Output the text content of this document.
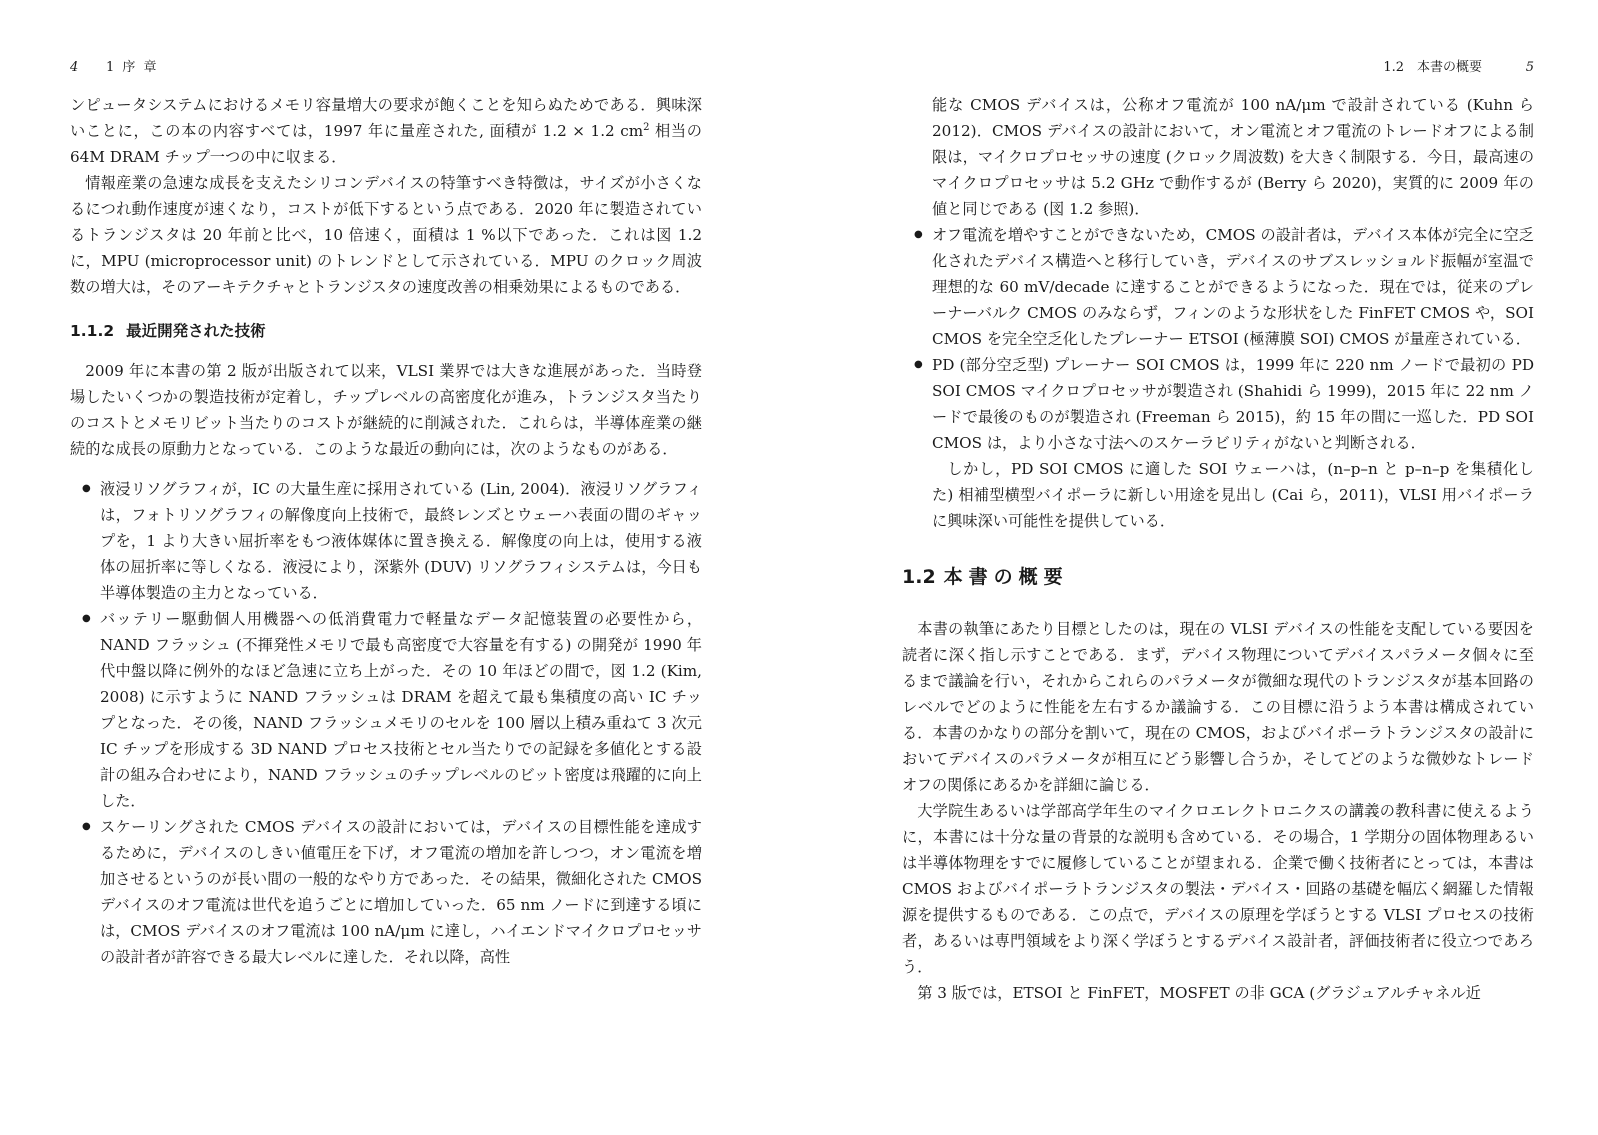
4 1 序 章

ンピュータシステムにおけるメモリ容量増大の要求が飽くことを知らぬためである．興味深いことに，この本の内容すべては，1997 年に量産された, 面積が 1.2 × 1.2 $cm^2$ 相当の 64M DRAM チップ一つの中に収まる．

情報産業の急速な成長を支えたシリコンデバイスの特筆すべき特徴は，サイズが小さくなるにつれ動作速度が速くなり，コストが低下するという点である．2020 年に製造されているトランジスタは 20 年前と比べ，10 倍速く，面積は 1 %以下であった．これは図 1.2 に，MPU (microprocessor unit) のトレンドとして示されている．MPU のクロック周波数の増大は，そのアーキテクチャとトランジスタの速度改善の相乗効果によるものである．

1.1.2 最近開発された技術

2009 年に本書の第 2 版が出版されて以来，VLSI 業界では大きな進展があった．当時登場したいくつかの製造技術が定着し，チップレベルの高密度化が進み，トランジスタ当たりのコストとメモリビット当たりのコストが継続的に削減された．これらは，半導体産業の継続的な成長の原動力となっている．このような最近の動向には，次のようなものがある．

● 液浸リソグラフィが，IC の大量生産に採用されている (Lin, 2004)．液浸リソグラフィは，フォトリソグラフィの解像度向上技術で，最終レンズとウェーハ表面の間のギャップを，1 より大きい屈折率をもつ液体媒体に置き換える．解像度の向上は，使用する液体の屈折率に等しくなる．液浸により，深紫外 (DUV) リソグラフィシステムは，今日も半導体製造の主力となっている．
● バッテリー駆動個人用機器への低消費電力で軽量なデータ記憶装置の必要性から，NAND フラッシュ (不揮発性メモリで最も高密度で大容量を有する) の開発が 1990 年代中盤以降に例外的なほど急速に立ち上がった．その 10 年ほどの間で，図 1.2 (Kim, 2008) に示すように NAND フラッシュは DRAM を超えて最も集積度の高い IC チップとなった．その後，NAND フラッシュメモリのセルを 100 層以上積み重ねて 3 次元 IC チップを形成する 3D NAND プロセス技術とセル当たりでの記録を多値化とする設計の組み合わせにより，NAND フラッシュのチップレベルのビット密度は飛躍的に向上した．
● スケーリングされた CMOS デバイスの設計においては，デバイスの目標性能を達成するために，デバイスのしきい値電圧を下げ，オフ電流の増加を許しつつ，オン電流を増加させるというのが長い間の一般的なやり方であった．その結果，微細化された CMOS デバイスのオフ電流は世代を追うごとに増加していった．65 nm ノードに到達する頃には，CMOS デバイスのオフ電流は 100 nA/μm に達し，ハイエンドマイクロプロセッサの設計者が許容できる最大レベルに達した．それ以降，高性
1.2　本書の概要	5

能な CMOS デバイスは，公称オフ電流が 100 nA/μm で設計されている (Kuhn ら 2012)．CMOS デバイスの設計において，オン電流とオフ電流のトレードオフによる制限は，マイクロプロセッサの速度 (クロック周波数) を大きく制限する．今日，最高速のマイクロプロセッサは 5.2 GHz で動作するが (Berry ら 2020)，実質的に 2009 年の値と同じである (図 1.2 参照)．

● オフ電流を増やすことができないため，CMOS の設計者は，デバイス本体が完全に空乏化されたデバイス構造へと移行していき，デバイスのサブスレッショルド振幅が室温で理想的な 60 mV/decade に達することができるようになった．現在では，従来のプレーナーバルク CMOS のみならず，フィンのような形状をした FinFET CMOS や，SOI CMOS を完全空乏化したプレーナー ETSOI (極薄膜 SOI) CMOS が量産されている．
● PD (部分空乏型) プレーナー SOI CMOS は，1999 年に 220 nm ノードで最初の PD SOI CMOS マイクロプロセッサが製造され (Shahidi ら 1999)，2015 年に 22 nm ノードで最後のものが製造され (Freeman ら 2015)，約 15 年の間に一巡した．PD SOI CMOS は，より小さな寸法へのスケーラビリティがないと判断される．

しかし，PD SOI CMOS に適した SOI ウェーハは，(n–p–n と p–n–p を集積化した) 相補型横型バイポーラに新しい用途を見出し (Cai ら，2011)，VLSI 用バイポーラに興味深い可能性を提供している．

1.2 本書の概要

本書の執筆にあたり目標としたのは，現在の VLSI デバイスの性能を支配している要因を読者に深く指し示すことである．まず，デバイス物理についてデバイスパラメータ個々に至るまで議論を行い，それからこれらのパラメータが微細な現代のトランジスタが基本回路のレベルでどのように性能を左右するか議論する．この目標に沿うよう本書は構成されている．本書のかなりの部分を割いて，現在の CMOS，およびバイポーラトランジスタの設計においてデバイスのパラメータが相互にどう影響し合うか，そしてどのような微妙なトレードオフの関係にあるかを詳細に論じる．

大学院生あるいは学部高学年生のマイクロエレクトロニクスの講義の教科書に使えるように，本書には十分な量の背景的な説明も含めている．その場合，1 学期分の固体物理あるいは半導体物理をすでに履修していることが望まれる．企業で働く技術者にとっては，本書は CMOS およびバイポーラトランジスタの製法・デバイス・回路の基礎を幅広く網羅した情報源を提供するものである．この点で，デバイスの原理を学ぼうとする VLSI プロセスの技術者，あるいは専門領域をより深く学ぼうとするデバイス設計者，評価技術者に役立つであろう．

第 3 版では，ETSOI と FinFET，MOSFET の非 GCA (グラジュアルチャネル近
